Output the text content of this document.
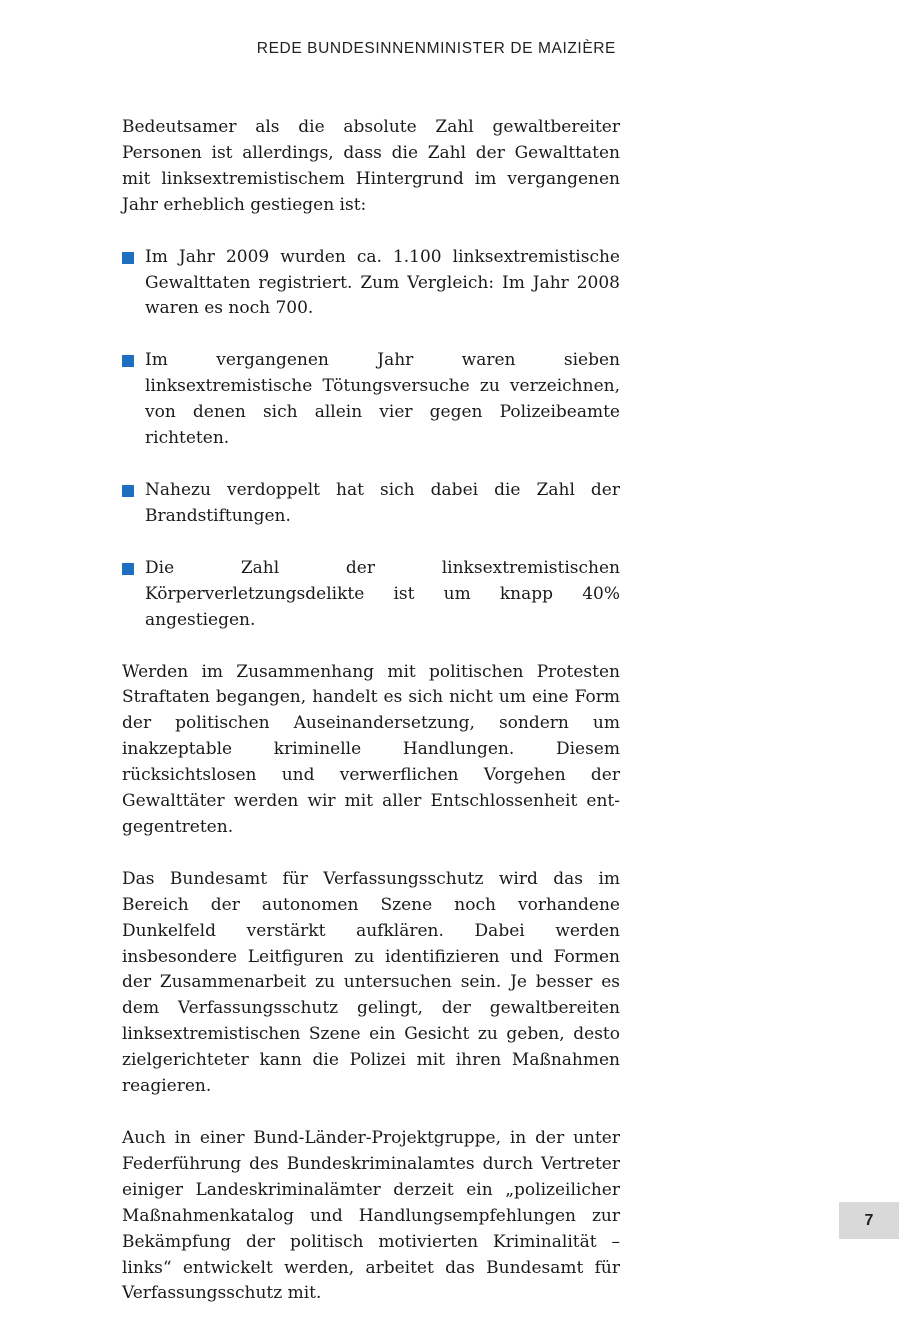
REDE BUNDESINNENMINISTER DE MAIZIÈRE

Bedeutsamer als die absolute Zahl gewaltbereiter Personen ist allerdings, dass die Zahl der Gewalttaten mit linksextremistischem Hintergrund im vergangenen Jahr erheblich gestiegen ist:

Im Jahr 2009 wurden ca. 1.100 linksextremistische Gewalttaten registriert. Zum Vergleich: Im Jahr 2008 waren es noch 700.
Im vergangenen Jahr waren sieben linksextremistische Tötungsversuche zu verzeichnen, von denen sich allein vier gegen Polizeibeamte richteten.
Nahezu verdoppelt hat sich dabei die Zahl der Brandstiftungen.
Die Zahl der linksextremistischen Körperverletzungsdelikte ist um knapp 40% angestiegen.

Werden im Zusammenhang mit politischen Protesten Straftaten begangen, handelt es sich nicht um eine Form der politischen Auseinandersetzung, sondern um inakzeptable kriminelle Handlungen. Diesem rücksichtslosen und verwerflichen Vorgehen der Gewalttäter werden wir mit aller Entschlossenheit entgegentreten.

Das Bundesamt für Verfassungsschutz wird das im Bereich der autonomen Szene noch vorhandene Dunkelfeld verstärkt aufklären. Dabei werden insbesondere Leitfiguren zu identifizieren und Formen der Zusammenarbeit zu untersuchen sein. Je besser es dem Verfassungsschutz gelingt, der gewaltbereiten linksextremistischen Szene ein Gesicht zu geben, desto zielgerichteter kann die Polizei mit ihren Maßnahmen reagieren.

Auch in einer Bund-Länder-Projektgruppe, in der unter Federführung des Bundeskriminalamtes durch Vertreter einiger Landeskriminalämter derzeit ein „polizeilicher Maßnahmenkatalog und Handlungsempfehlungen zur Bekämpfung der politisch motivierten Kriminalität – links“ entwickelt werden, arbeitet das Bundesamt für Verfassungsschutz mit.

7
